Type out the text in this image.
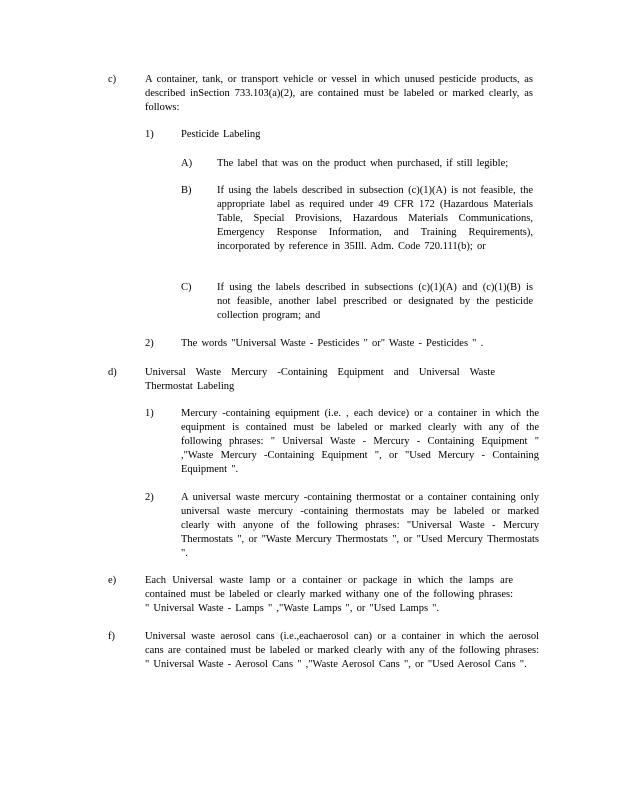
c)	A container, tank, or transport vehicle or vessel in which unused pesticide products, as described inSection 733.103(a)(2), are contained must be labeled or marked clearly, as follows:
1)	Pesticide Labeling
A) The label that was on the product when purchased, if still legible;
B) If using the labels described in subsection (c)(1)(A) is not feasible, the appropriate label as required under 49 CFR 172 (Hazardous Materials Table, Special Provisions, Hazardous Materials Communications, Emergency Response Information, and Training Requirements), incorporated by reference in 35Ill. Adm. Code 720.111(b); or
C) If using the labels described in subsections (c)(1)(A) and (c)(1)(B) is not feasible, another label prescribed or designated by the pesticide collection program; and
2)	The words "Universal Waste - Pesticides " or" Waste - Pesticides " .
d)	Universal Waste Mercury -Containing Equipment and Universal Waste Thermostat Labeling
1)	Mercury -containing equipment (i.e. , each device) or a container in which the equipment is contained must be labeled or marked clearly with any of the following phrases: " Universal Waste - Mercury - Containing Equipment " ,"Waste Mercury -Containing Equipment ", or "Used Mercury - Containing Equipment ".
2)	A universal waste mercury -containing thermostat or a container containing only universal waste mercury -containing thermostats may be labeled or marked clearly with anyone of the following phrases: "Universal Waste - Mercury Thermostats ", or "Waste Mercury Thermostats ", or "Used Mercury Thermostats ".
e)	Each Universal waste lamp or a container or package in which the lamps are contained must be labeled or clearly marked withany one of the following phrases: " Universal Waste - Lamps " ,"Waste Lamps ", or "Used Lamps ".
f)	Universal waste aerosol cans (i.e.,eachaerosol can) or a container in which the aerosol cans are contained must be labeled or marked clearly with any of the following phrases: " Universal Waste - Aerosol Cans " ,"Waste Aerosol Cans ", or "Used Aerosol Cans ".
